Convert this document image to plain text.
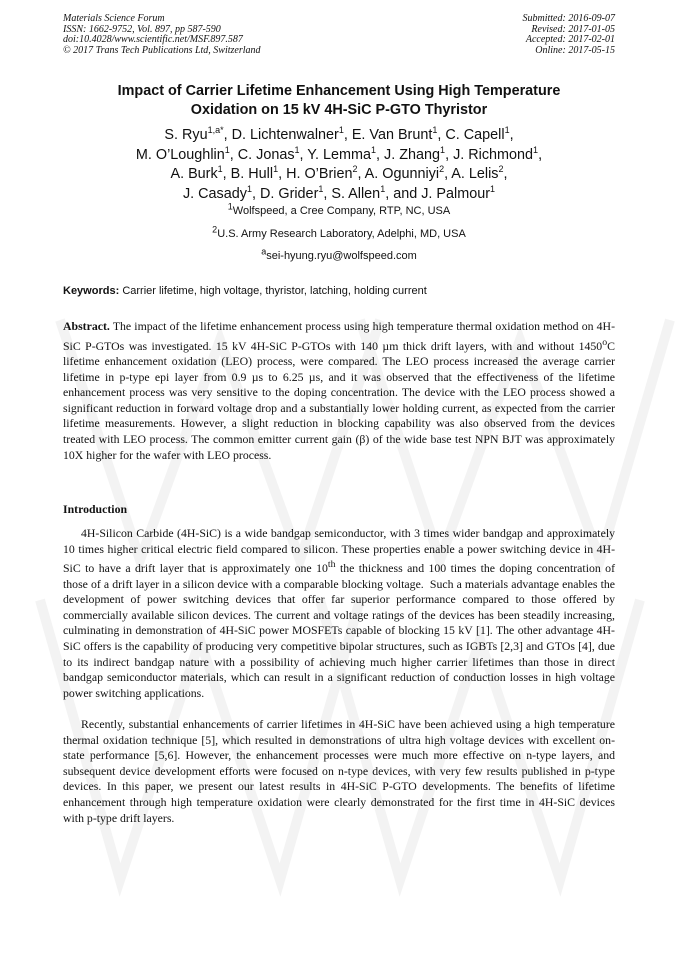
Materials Science Forum
ISSN: 1662-9752, Vol. 897, pp 587-590
doi:10.4028/www.scientific.net/MSF.897.587
© 2017 Trans Tech Publications Ltd, Switzerland
Submitted: 2016-09-07
Revised: 2017-01-05
Accepted: 2017-02-01
Online: 2017-05-15
Impact of Carrier Lifetime Enhancement Using High Temperature
Oxidation on 15 kV 4H-SiC P-GTO Thyristor
S. Ryu$^{1,a*}$, D. Lichtenwalner$^1$, E. Van Brunt$^1$, C. Capell$^1$,
M. O’Loughlin$^1$, C. Jonas$^1$, Y. Lemma$^1$, J. Zhang$^1$, J. Richmond$^1$,
A. Burk$^1$, B. Hull$^1$, H. O’Brien$^2$, A. Ogunniyi$^2$, A. Lelis$^2$,
J. Casady$^1$, D. Grider$^1$, S. Allen$^1$, and J. Palmour$^1$
$^1$Wolfspeed, a Cree Company, RTP, NC, USA
$^2$U.S. Army Research Laboratory, Adelphi, MD, USA
$^a$sei-hyung.ryu@wolfspeed.com
Keywords: Carrier lifetime, high voltage, thyristor, latching, holding current
Abstract. The impact of the lifetime enhancement process using high temperature thermal oxidation method on 4H-SiC P-GTOs was investigated. 15 kV 4H-SiC P-GTOs with 140 µm thick drift layers, with and without 1450$^o$C lifetime enhancement oxidation (LEO) process, were compared. The LEO process increased the average carrier lifetime in p-type epi layer from 0.9 µs to 6.25 µs, and it was observed that the effectiveness of the lifetime enhancement process was very sensitive to the doping concentration. The device with the LEO process showed a significant reduction in forward voltage drop and a substantially lower holding current, as expected from the carrier lifetime measurements. However, a slight reduction in blocking capability was also observed from the devices treated with LEO process. The common emitter current gain (β) of the wide base test NPN BJT was approximately 10X higher for the wafer with LEO process.
Introduction
4H-Silicon Carbide (4H-SiC) is a wide bandgap semiconductor, with 3 times wider bandgap and approximately 10 times higher critical electric field compared to silicon. These properties enable a power switching device in 4H-SiC to have a drift layer that is approximately one 10th the thickness and 100 times the doping concentration of those of a drift layer in a silicon device with a comparable blocking voltage.  Such a materials advantage enables the development of power switching devices that offer far superior performance compared to those offered by commercially available silicon devices. The current and voltage ratings of the devices has been steadily increasing, culminating in demonstration of 4H-SiC power MOSFETs capable of blocking 15 kV [1]. The other advantage 4H-SiC offers is the capability of producing very competitive bipolar structures, such as IGBTs [2,3] and GTOs [4], due to its indirect bandgap nature with a possibility of achieving much higher carrier lifetimes than those in direct bandgap semiconductor materials, which can result in a significant reduction of conduction losses in high voltage power switching applications.
Recently, substantial enhancements of carrier lifetimes in 4H-SiC have been achieved using a high temperature thermal oxidation technique [5], which resulted in demonstrations of ultra high voltage devices with excellent on-state performance [5,6]. However, the enhancement processes were much more effective on n-type layers, and subsequent device development efforts were focused on n-type devices, with very few results published in p-type devices. In this paper, we present our latest results in 4H-SiC P-GTO developments. The benefits of lifetime enhancement through high temperature oxidation were clearly demonstrated for the first time in 4H-SiC devices with p-type drift layers.
